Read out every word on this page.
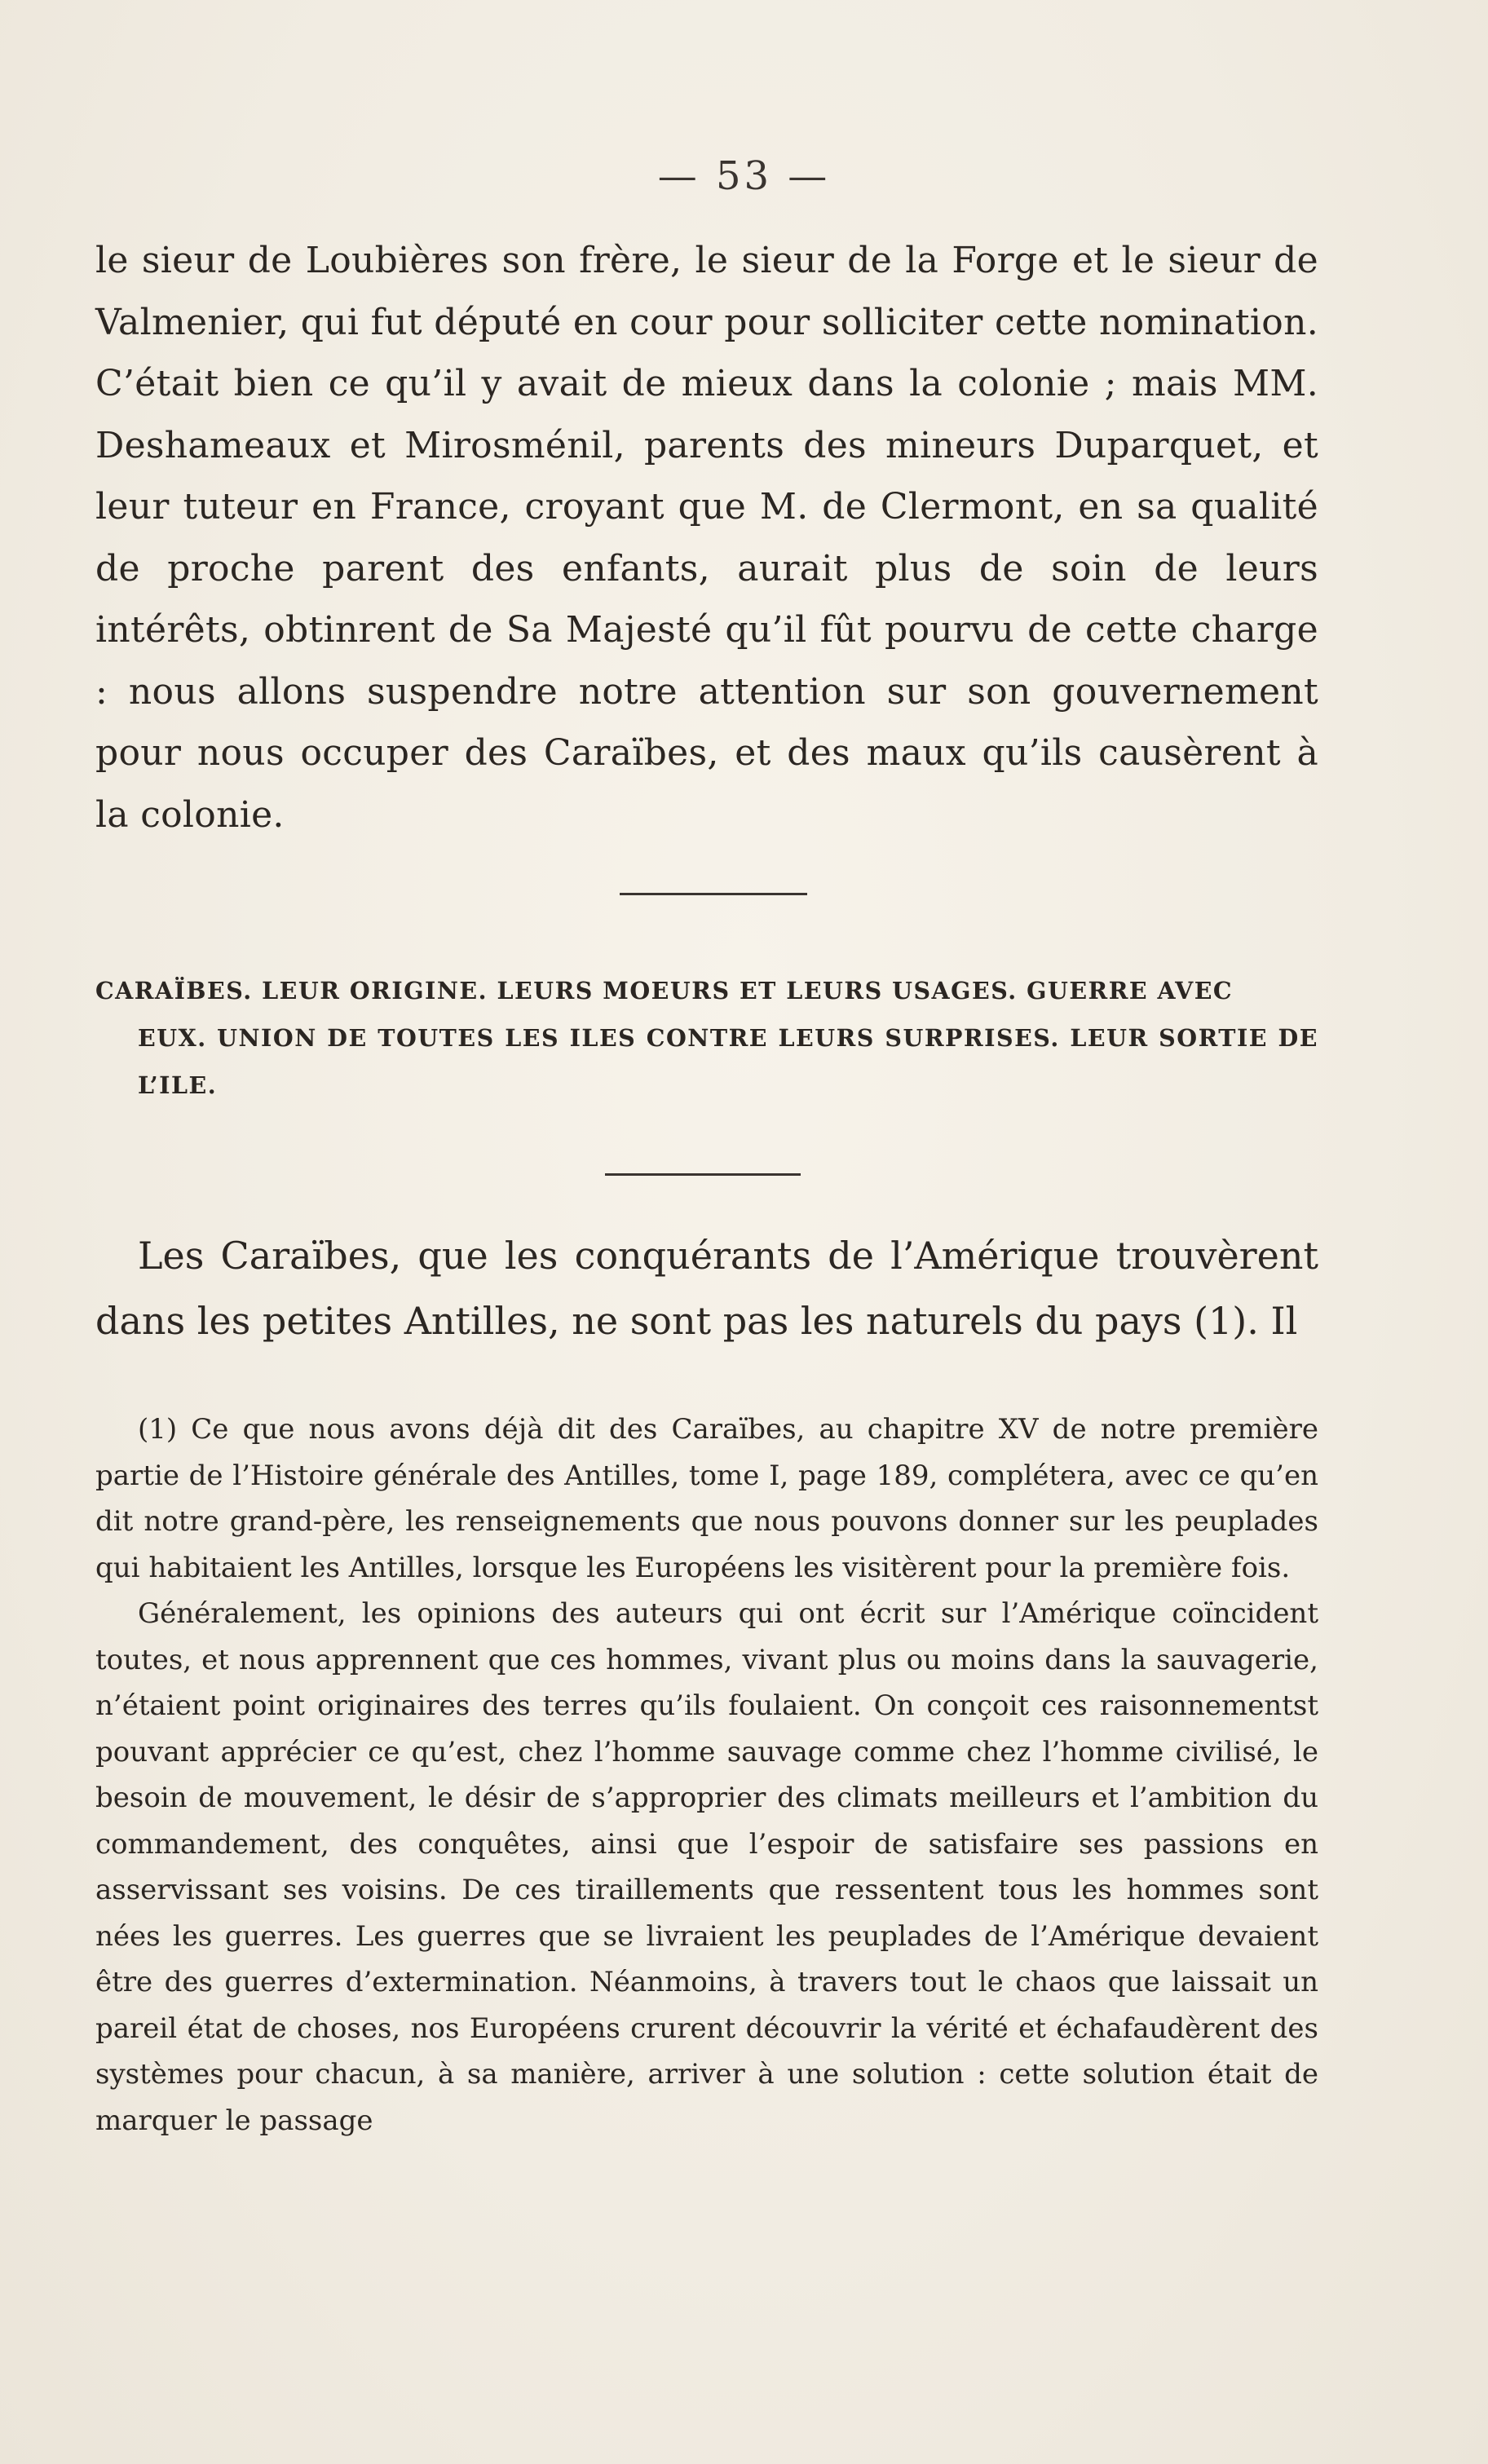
— 53 —

le sieur de Loubières son frère, le sieur de la Forge et le sieur de Valmenier, qui fut député en cour pour solliciter cette nomination. C’était bien ce qu’il y avait de mieux dans la colonie ; mais MM. Deshameaux et Mirosménil, parents des mineurs Duparquet, et leur tuteur en France, croyant que M. de Clermont, en sa qualité de proche parent des enfants, aurait plus de soin de leurs intérêts, obtinrent de Sa Majesté qu’il fût pourvu de cette charge : nous allons suspendre notre attention sur son gouvernement pour nous occuper des Caraïbes, et des maux qu’ils causèrent à la colonie.

CARAÏBES. LEUR ORIGINE. LEURS MOEURS ET LEURS USAGES. GUERRE AVEC
EUX. UNION DE TOUTES LES ILES CONTRE LEURS SURPRISES. LEUR SORTIE DE L’ILE.

Les Caraïbes, que les conquérants de l’Amérique trouvèrent dans les petites Antilles, ne sont pas les naturels du pays (1). Il

(1) Ce que nous avons déjà dit des Caraïbes, au chapitre XV de notre première partie de l’Histoire générale des Antilles, tome I, page 189, complétera, avec ce qu’en dit notre grand-père, les renseignements que nous pouvons donner sur les peuplades qui habitaient les Antilles, lorsque les Européens les visitèrent pour la première fois.

Généralement, les opinions des auteurs qui ont écrit sur l’Amérique coïncident toutes, et nous apprennent que ces hommes, vivant plus ou moins dans la sauvagerie, n’étaient point originaires des terres qu’ils foulaient. On conçoit ces raisonnementst pouvant apprécier ce qu’est, chez l’homme sauvage comme chez l’homme civilisé, le besoin de mouvement, le désir de s’approprier des climats meilleurs et l’ambition du commandement, des conquêtes, ainsi que l’espoir de satisfaire ses passions en asservissant ses voisins. De ces tiraillements que ressentent tous les hommes sont nées les guerres. Les guerres que se livraient les peuplades de l’Amérique devaient être des guerres d’extermination. Néanmoins, à travers tout le chaos que laissait un pareil état de choses, nos Européens crurent découvrir la vérité et échafaudèrent des systèmes pour chacun, à sa manière, arriver à une solution : cette solution était de marquer le passage
